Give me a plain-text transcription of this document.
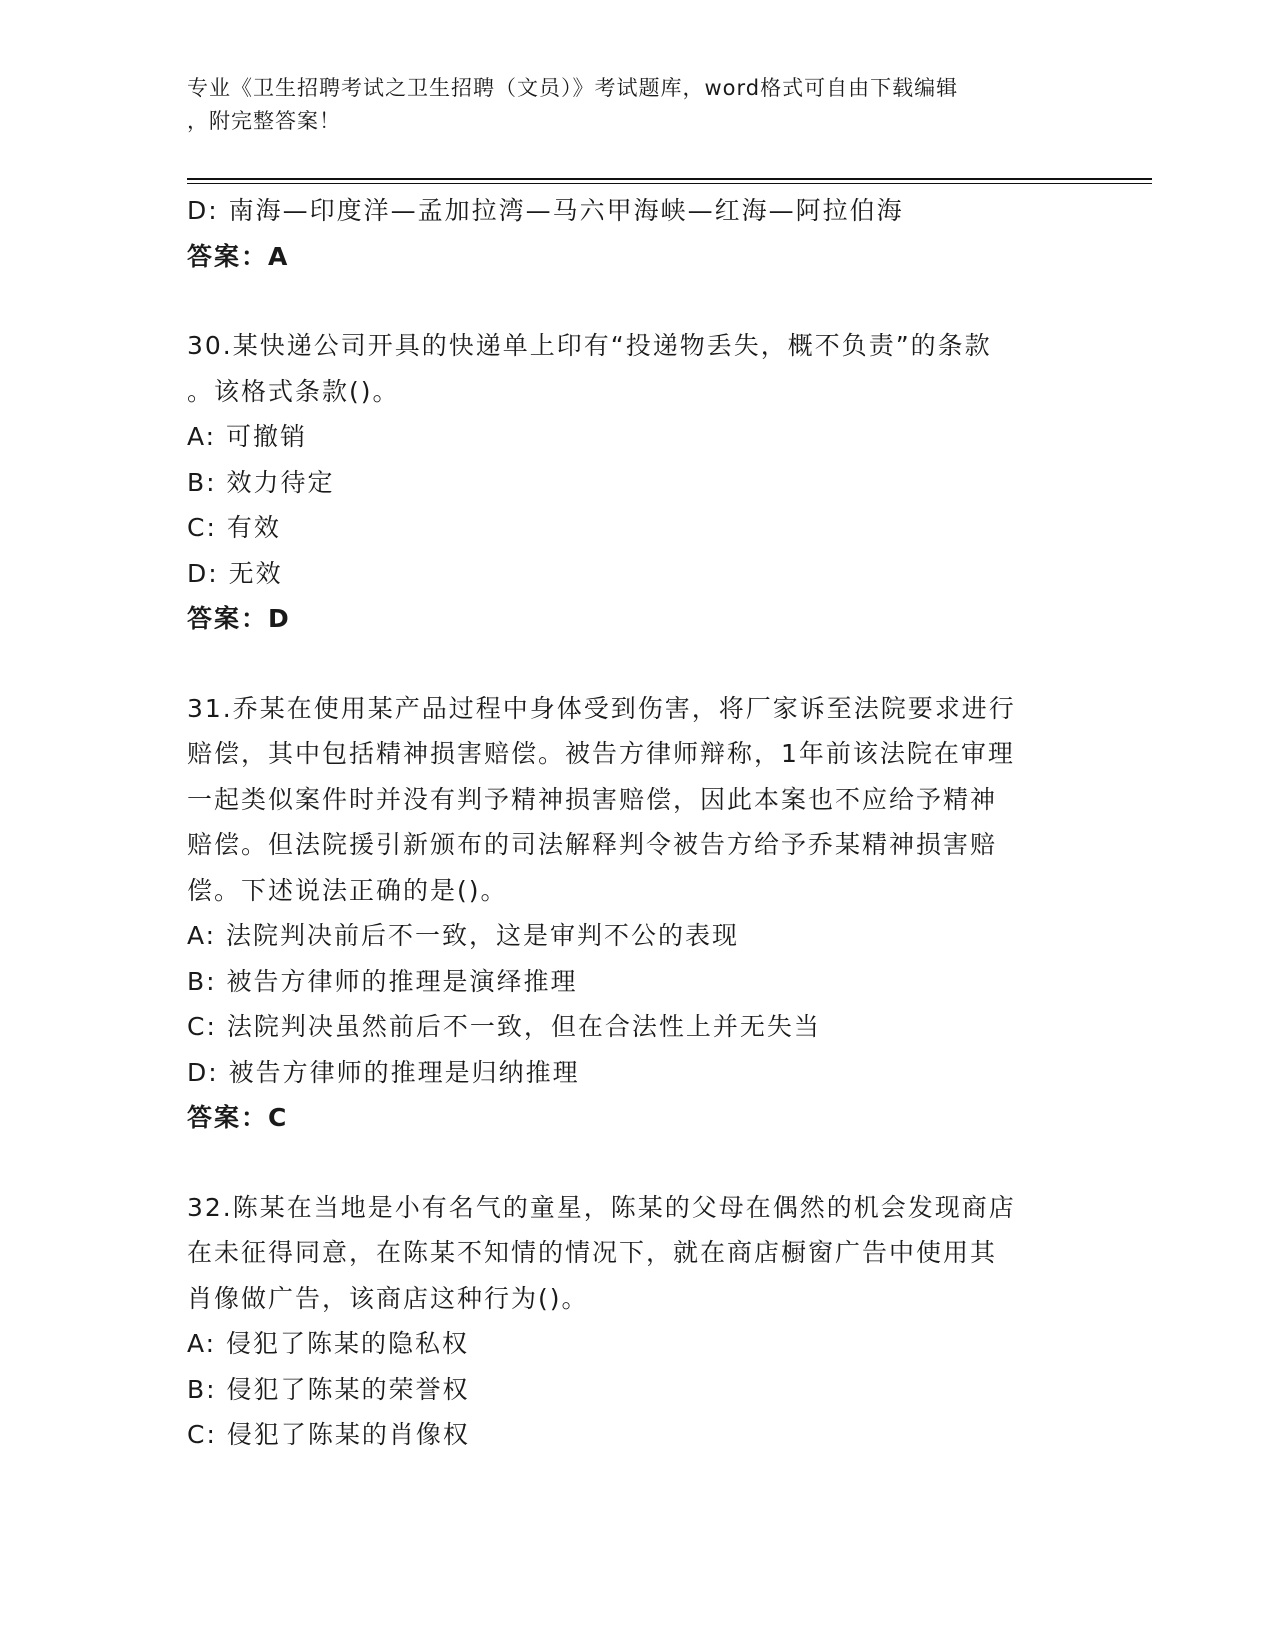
专业《卫生招聘考试之卫生招聘（文员）》考试题库，word格式可自由下载编辑
，附完整答案！
D: 南海—印度洋—孟加拉湾—马六甲海峡—红海—阿拉伯海
答案：A
30.某快递公司开具的快递单上印有“投递物丢失，概不负责”的条款
。该格式条款()。
A: 可撤销
B: 效力待定
C: 有效
D: 无效
答案：D
31.乔某在使用某产品过程中身体受到伤害，将厂家诉至法院要求进行
赔偿，其中包括精神损害赔偿。被告方律师辩称，1年前该法院在审理
一起类似案件时并没有判予精神损害赔偿，因此本案也不应给予精神
赔偿。但法院援引新颁布的司法解释判令被告方给予乔某精神损害赔
偿。下述说法正确的是()。
A: 法院判决前后不一致，这是审判不公的表现
B: 被告方律师的推理是演绎推理
C: 法院判决虽然前后不一致，但在合法性上并无失当
D: 被告方律师的推理是归纳推理
答案：C
32.陈某在当地是小有名气的童星，陈某的父母在偶然的机会发现商店
在未征得同意，在陈某不知情的情况下，就在商店橱窗广告中使用其
肖像做广告，该商店这种行为()。
A: 侵犯了陈某的隐私权
B: 侵犯了陈某的荣誉权
C: 侵犯了陈某的肖像权
